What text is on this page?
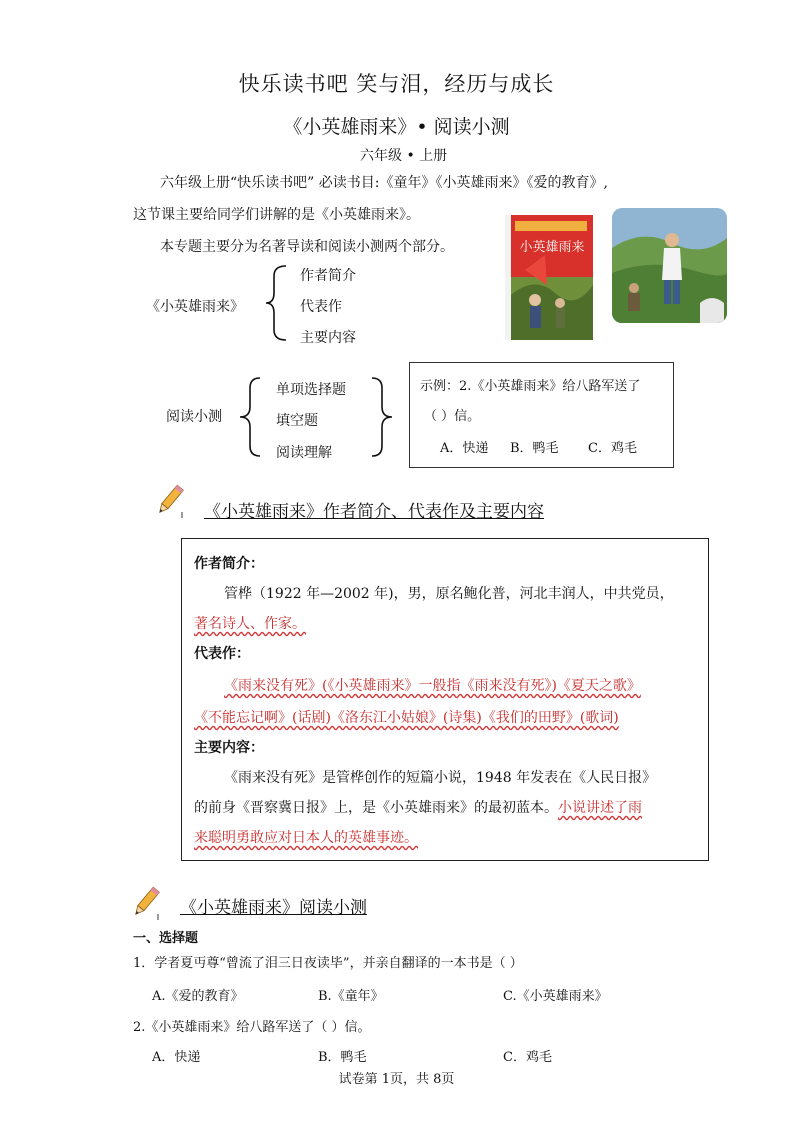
快乐读书吧 笑与泪，经历与成长
《小英雄雨来》• 阅读小测
六年级 • 上册
六年级上册“快乐读书吧” 必读书目:《童年》《小英雄雨来》《爱的教育》,
这节课主要给同学们讲解的是《小英雄雨来》。
本专题主要分为名著导读和阅读小测两个部分。	小英雄雨来
《小英雄雨来》
作者简介
代表作
主要内容
阅读小测
单项选择题
填空题
阅读理解
示例：2.《小英雄雨来》给八路军送了
（ ）信。
A．快递 B．鸭毛 C．鸡毛
《小英雄雨来》作者简介、代表作及主要内容
作者简介：
管桦（1922 年—2002 年)，男，原名鲍化普，河北丰润人，中共党员，
著名诗人、作家。
代表作：
《雨来没有死》(《小英雄雨来》一般指《雨来没有死》)《夏天之歌》
《不能忘记啊》(话剧)《洛东江小姑娘》(诗集)《我们的田野》(歌词)
主要内容：
《雨来没有死》是管桦创作的短篇小说，1948 年发表在《人民日报》
的前身《晋察冀日报》上，是《小英雄雨来》的最初蓝本。小说讲述了雨
来聪明勇敢应对日本人的英雄事迹。
《小英雄雨来》阅读小测
一、选择题
1．学者夏丏尊“曾流了泪三日夜读毕”，并亲自翻译的一本书是（ ）
A.《爱的教育》	B.《童年》	C.《小英雄雨来》
2.《小英雄雨来》给八路军送了（ ）信。
A．快递	B．鸭毛	C．鸡毛
试卷第 1页，共 8页
